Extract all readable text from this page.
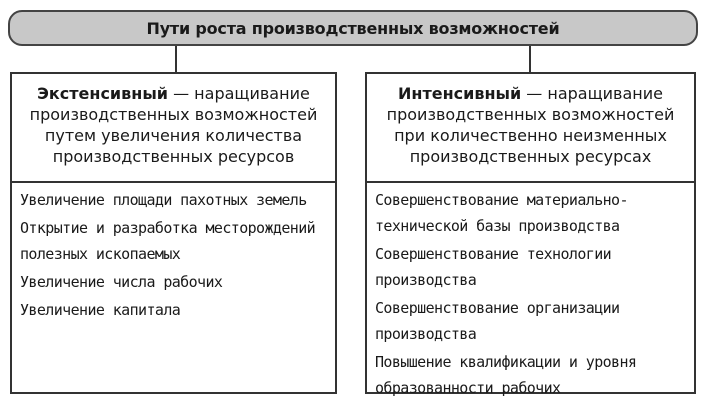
Пути роста производственных возможностей
Экстенсивный — наращивание производственных возможностей путем увеличения количества производственных ресурсов
Увеличение площади пахотных земель
Открытие и разработка месторождений полезных ископаемых
Увеличение числа рабочих
Увеличение капитала
Интенсивный — наращивание производственных возможностей при количественно неизменных производственных ресурсах
Совершенствование материально-технической базы производства
Совершенствование технологии производства
Совершенствование организации производства
Повышение квалификации и уровня образованности рабочих
